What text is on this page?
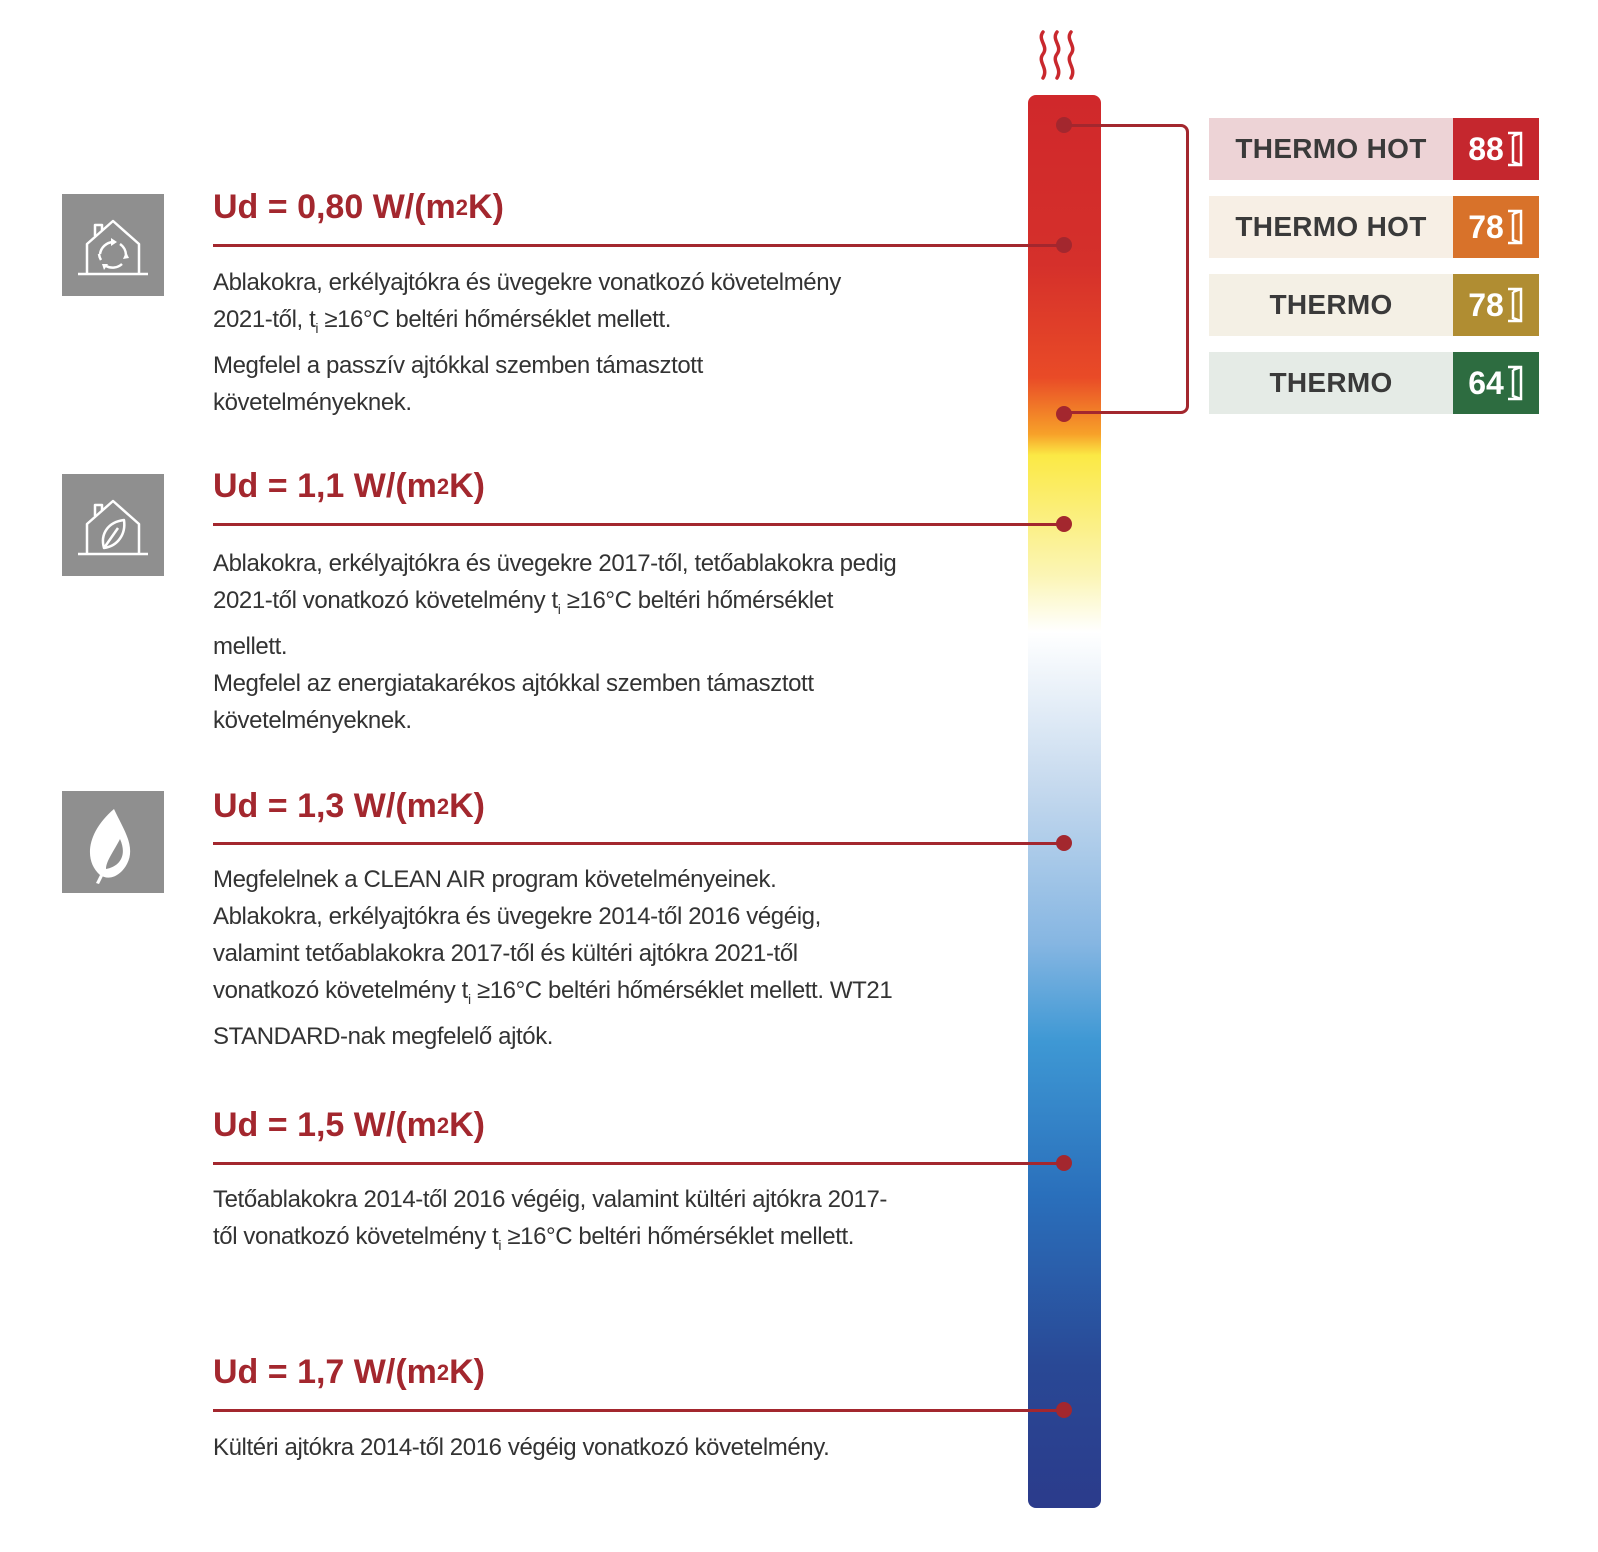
Ud = 0,80 $W/(m^2K)$

Ablakokra, erkélyajtókra és üvegekre vonatkozó követelmény
2021-től, $t_i \ge 16^\circ C$ beltéri hőmérséklet mellett.
Megfelel a passzív ajtókkal szemben támasztott
követelményeknek.

Ud = 1,1 $W/(m^2K)$

Ablakokra, erkélyajtókra és üvegekre 2017-től, tetőablakokra pedig
2021-től vonatkozó követelmény $t_i \ge 16^\circ C$ beltéri hőmérséklet
mellett.
Megfelel az energiatakarékos ajtókkal szemben támasztott
követelményeknek.

Ud = 1,3 $W/(m^2K)$

Megfelelnek a CLEAN AIR program követelményeinek.
Ablakokra, erkélyajtókra és üvegekre 2014-től 2016 végéig,
valamint tetőablakokra 2017-től és kültéri ajtókra 2021-től
vonatkozó követelmény $t_i \ge 16^\circ C$ beltéri hőmérséklet mellett. WT21
STANDARD-nak megfelelő ajtók.

Ud = 1,5 $W/(m^2K)$

Tetőablakokra 2014-től 2016 végéig, valamint kültéri ajtókra 2017-
től vonatkozó követelmény $t_i \ge 16^\circ C$ beltéri hőmérséklet mellett.

Ud = 1,7 $W/(m^2K)$

Kültéri ajtókra 2014-től 2016 végéig vonatkozó követelmény.

THERMO HOT	88
THERMO HOT	78
THERMO	78
THERMO	64
